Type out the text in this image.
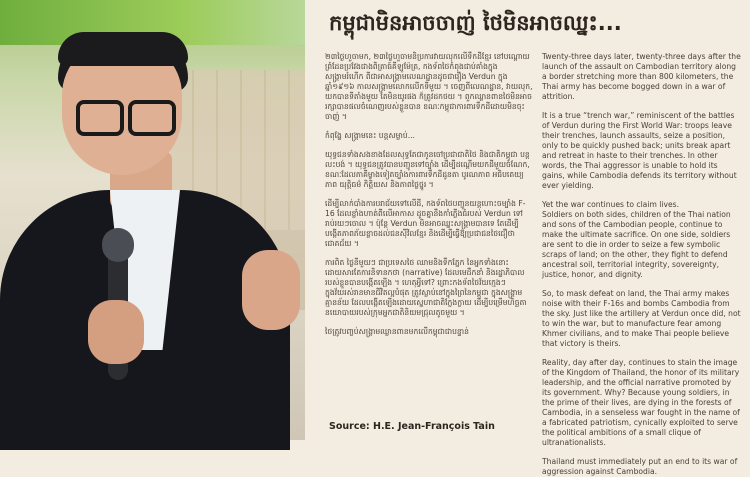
កម្ពុជាមិនអាចចាញ់ ថៃមិនអាចឈ្នះ...

២៣ថ្ងៃហួចាមក, ២៣ថ្ងៃហួចាមនិប្រការវាយលុកលើទឹកដីខ្មែរ នៅបណ្ដោយព្រំដែនប្រវែងជាងពិត្រាធ៍គីឡូម៉ែត្រ, កងទ័ពថៃកំពុងជាប់គាំងក្នុងសង្គ្រាមរំហើក ពីជាអាសង្គ្រាមលេណដ្ឋានដូចជារឿង Verdun ក្នុងឆ្នាំ១៩១៦ កាលសង្គ្រាមលោកលើកទីមួយ ។ ចេញពីលេណដ្ឋាន, វាយលុក, យកបានទីតាំងមួយ តែមិនយូរផង ក៏ត្រូវដកថយ ។ ពួកឈ្លានពានថៃមិនអាចរក្សាបានផលចំណេញរបស់ខ្លួនបាន ខណៈកម្ពុជាការពារទឹកដីដោយមិនចុះចាញ់ ។

កំពុង្ហែ សង្គ្រាមនេះ បន្តសម្លាប់...

យុទ្ធជនទាំងសងខាងដែលសុទ្ធតែជាកូនចៅប្រជាជាតិថៃ និងជាតិកម្ពុជា បន្តលះបង់ ។ យុទ្ធជនត្រូវបានបញ្ជូនទៅច្បាំង ដើម្បីដណ្ដើមយកដីមួយចំណែក, ខណៈដែលភាគីម្ខាងទៀតច្បាំងការពារទឹកដីដូនតា បូរណភាព អធិបតេយ្យភាព យុត្តិធម៌ កិត្តិយស និងភាពថ្លៃថ្នូរ ។

ដើម្បីលាក់បាំងការបរាជ័យទៅលើដី, កងទ័ពថៃបញ្ជូនយន្តហោះចម្បាំង F-16 ដែលខ្លាំងហាត់ពីលើអាកាស ដូចគ្នានឹងកាំភ្លើងធំរបស់ Verdun ទៅរាប់រយៗចោល ។ ប៉ុន្តែ Verdun មិនអាចឈ្នះសង្គ្រាមបានទេ តែដើម្បីបង្កើតភាពភ័យខ្លាចដល់ជនស៊ីវិលខ្មែរ និងដើម្បីធ្វើឱ្យប្រជាជនថៃជឿថាជោគជ័យ ។

ការពិត ថ្ងៃនីមួយៗ ជាប្រទេសថៃ ឈាមនិងទឹកភ្នែក នៃអ្នកទាំងនោះ ដោយសារតែការនិទានកថា (narrative) ដែលមេដឹកនាំ និងរដ្ឋាភិបាលរបស់ខ្លួនបានបង្កើតឡើង ។ ហេតុអ្វីទៅ? ព្រោះកងទ័ពថៃវ័យក្មេងៗ ក្នុងវ័យរស់រានមានជីវិតល្អបំផុត ត្រូវស្លាប់នៅក្នុងព្រៃនៃកម្ពុជា ក្នុងសង្គ្រាមគ្មានន័យ ដែលបង្កើតឡើងដោយស្នេហាជាតិក្លែងក្លាយ ដើម្បីបម្រើមហិច្ឆតានយោបាយរបស់ក្រុមអ្នកជាតិនិយមជ្រុលតូចមួយ ។

ថៃត្រូវបញ្ចប់សង្គ្រាមឈ្លានពានមកលើកម្ពុជាជាបន្ទាន់

Twenty-three days later, twenty-three days after the launch of the assault on Cambodian territory along a border stretching more than 800 kilometers, the Thai army has become bogged down in a war of attrition.

It is a true “trench war,” reminiscent of the battles of Verdun during the First World War: troops leave their trenches, launch assaults, seize a position, only to be quickly pushed back; units break apart and retreat in haste to their trenches. In other words, the Thai aggressor is unable to hold its gains, while Cambodia defends its territory without ever yielding.

Yet the war continues to claim lives.

Soldiers on both sides, children of the Thai nation and sons of the Cambodian people, continue to make the ultimate sacrifice. On one side, soldiers are sent to die in order to seize a few symbolic scraps of land; on the other, they fight to defend ancestral soil, territorial integrity, sovereignty, justice, honor, and dignity.

So, to mask defeat on land, the Thai army makes noise with their F-16s and bombs Cambodia from the sky. Just like the artillery at Verdun once did, not to win the war, but to manufacture fear among Khmer civilians, and to make Thai people believe that victory is theirs.

Reality, day after day, continues to stain the image of the Kingdom of Thailand, the honor of its military leadership, and the official narrative promoted by its government. Why? Because young soldiers, in the prime of their lives, are dying in the forests of Cambodia, in a senseless war fought in the name of a fabricated patriotism, cynically exploited to serve the political ambitions of a small clique of ultranationalists.

Thailand must immediately put an end to its war of aggression against Cambodia.

Source: H.E. Jean-François Tain
